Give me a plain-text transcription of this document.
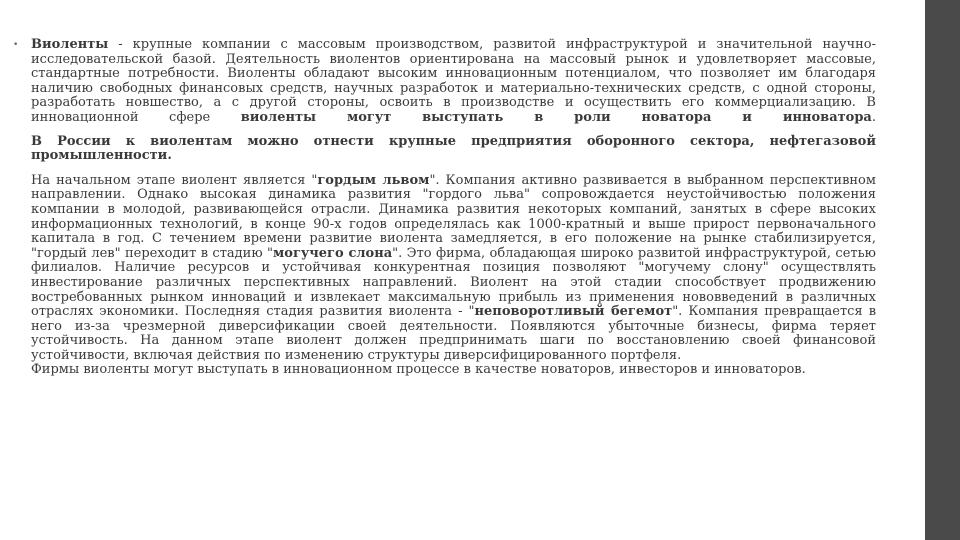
• Виоленты - крупные компании с массовым производством, развитой инфраструктурой и значительной научно-исследовательской базой. Деятельность виолентов ориентирована на массовый рынок и удовлетворяет массовые, стандартные потребности. Виоленты обладают высоким инновационным потенциалом, что позволяет им благодаря наличию свободных финансовых средств, научных разработок и материально-технических средств, с одной стороны, разработать новшество, а с другой стороны, освоить в производстве и осуществить его коммерциализацию. В инновационной сфере виоленты могут выступать в роли новатора и инноватора.

В России к виолентам можно отнести крупные предприятия оборонного сектора, нефтегазовой промышленности.

На начальном этапе виолент является "гордым львом". Компания активно развивается в выбранном перспективном направлении. Однако высокая динамика развития "гордого льва" сопровождается неустойчивостью положения компании в молодой, развивающейся отрасли. Динамика развития некоторых компаний, занятых в сфере высоких информационных технологий, в конце 90-х годов определялась как 1000-кратный и выше прирост первоначального капитала в год. С течением времени развитие виолента замедляется, в его положение на рынке стабилизируется, "гордый лев" переходит в стадию "могучего слона". Это фирма, обладающая широко развитой инфраструктурой, сетью филиалов. Наличие ресурсов и устойчивая конкурентная позиция позволяют "могучему слону" осуществлять инвестирование различных перспективных направлений. Виолент на этой стадии способствует продвижению востребованных рынком инноваций и извлекает максимальную прибыль из применения нововведений в различных отраслях экономики. Последняя стадия развития виолента - "неповоротливый бегемот". Компания превращается в него из-за чрезмерной диверсификации своей деятельности. Появляются убыточные бизнесы, фирма теряет устойчивость. На данном этапе виолент должен предпринимать шаги по восстановлению своей финансовой устойчивости, включая действия по изменению структуры диверсифицированного портфеля.

Фирмы виоленты могут выступать в инновационном процессе в качестве новаторов, инвесторов и инноваторов.
